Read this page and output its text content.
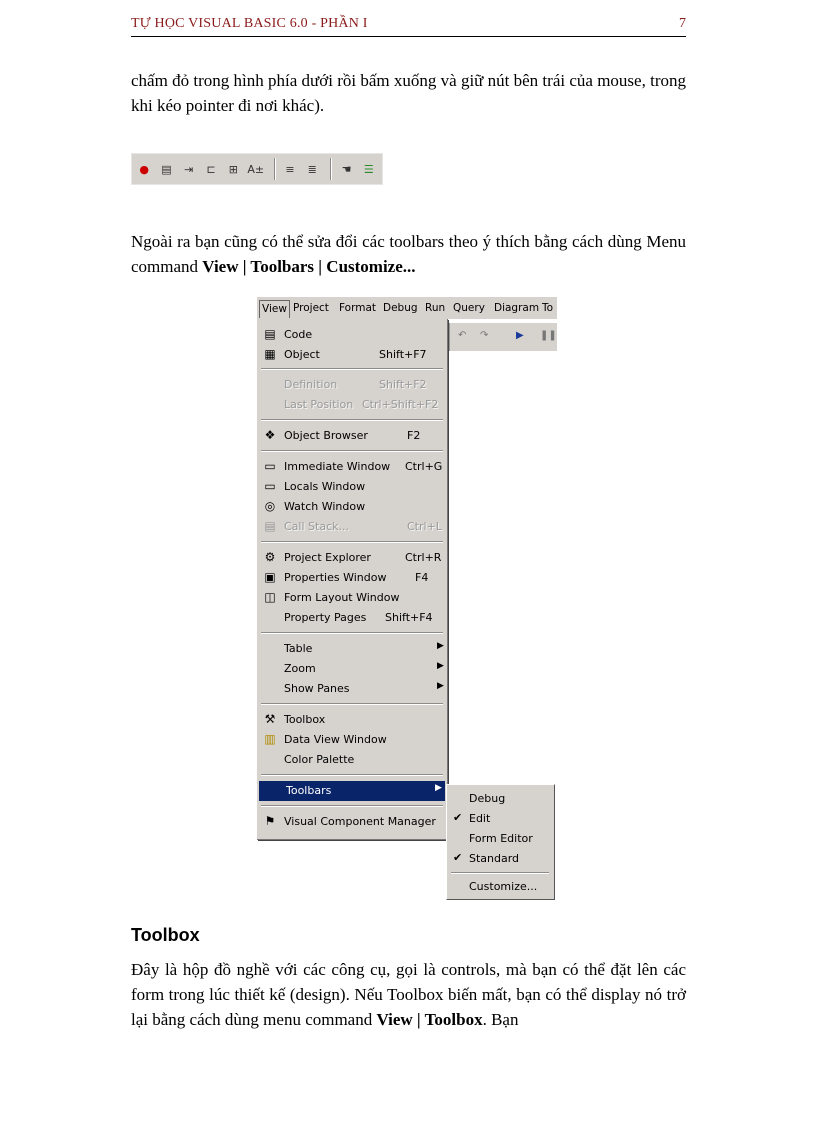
TỰ HỌC VISUAL BASIC 6.0 - PHẦN I	7
chấm đỏ trong hình phía dưới rồi bấm xuống và giữ nút bên trái của mouse, trong khi kéo pointer đi nơi khác).
●	▤	⇥	⊏	⊞ A±	≡	≣	☚	☰
Ngoài ra bạn cũng có thể sửa đổi các toolbars theo ý thích bằng cách dùng Menu command View | Toolbars | Customize...
View Project Format Debug Run Query Diagram To
↶ ↷	▶ ❚❚
▤ Code
▦ Object	Shift+F7
Definition	Shift+F2
Last Position Ctrl+Shift+F2
❖ Object Browser	F2
▭ Immediate Window Ctrl+G
▭ Locals Window
◎ Watch Window
▤ Call Stack...	Ctrl+L
⚙ Project Explorer	Ctrl+R
▣ Properties Window	F4
◫ Form Layout Window
Property Pages Shift+F4
Table	▶
Zoom	▶
Show Panes	▶
⚒ Toolbox
▥ Data View Window
Color Palette
Toolbars	▶
⚑ Visual Component Manager
Debug
✔ Edit
Form Editor
✔ Standard
Customize...
Toolbox
Đây là hộp đồ nghề với các công cụ, gọi là controls, mà bạn có thể đặt lên các form trong lúc thiết kế (design). Nếu Toolbox biến mất, bạn có thể display nó trở lại bằng cách dùng menu command View | Toolbox. Bạn
